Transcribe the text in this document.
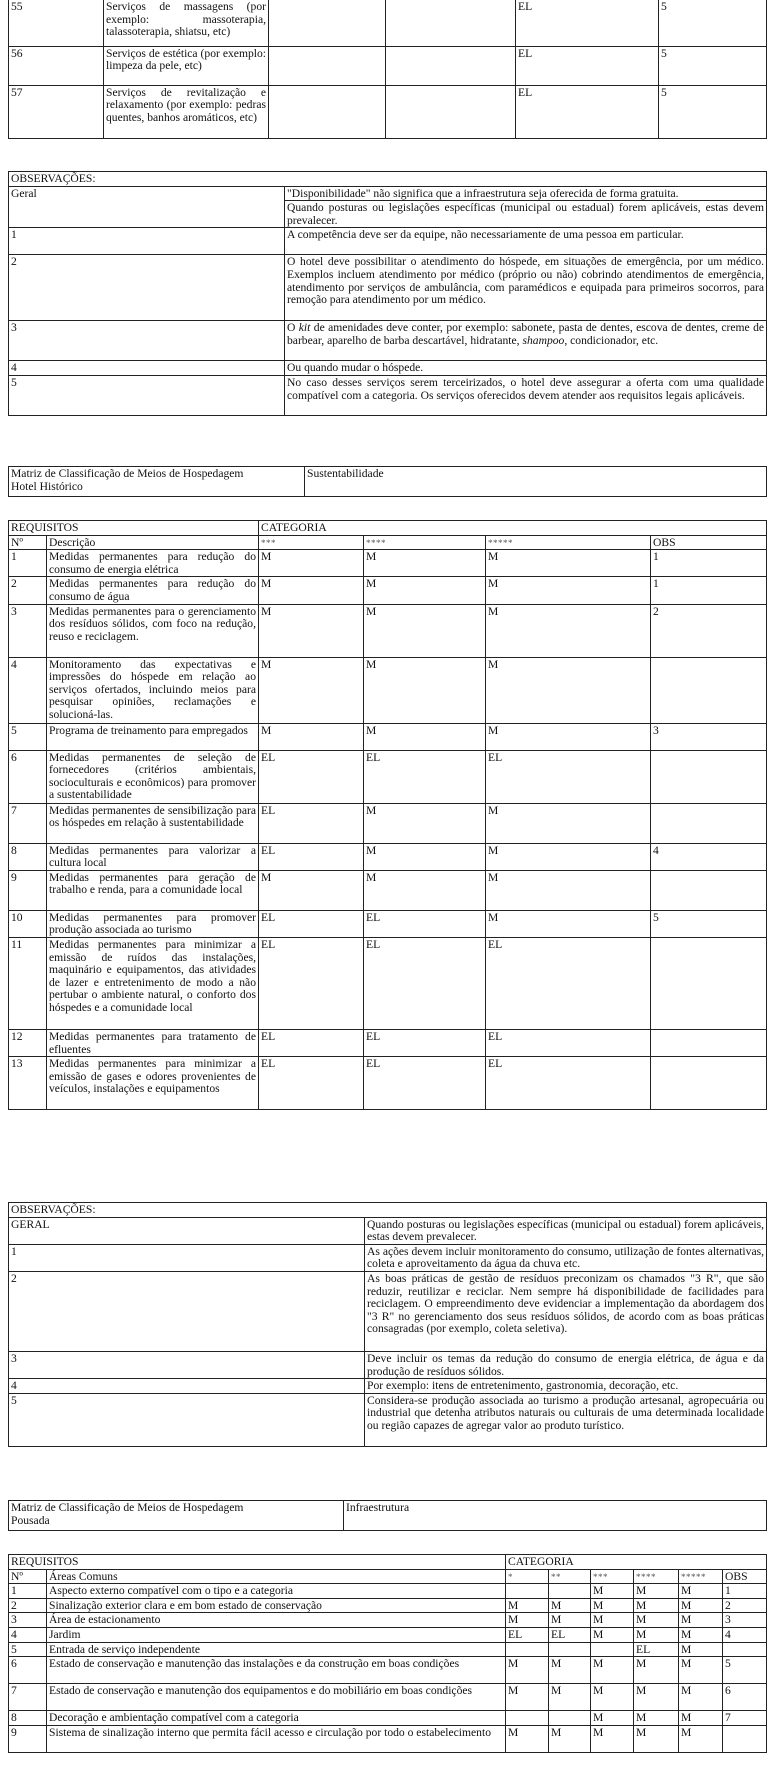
55	Serviços de massagens (por exemplo: massoterapia, talassoterapia, shiatsu, etc)			EL	5
56	Serviços de estética (por exemplo: limpeza da pele, etc)			EL	5
57	Serviços de revitalização e relaxamento (por exemplo: pedras quentes, banhos aromáticos, etc)			EL	5
OBSERVAÇÕES:	
Geral	"Disponibilidade" não significa que a infraestrutura seja oferecida de forma gratuita.
	Quando posturas ou legislações específicas (municipal ou estadual) forem aplicáveis, estas devem prevalecer.
1	A competência deve ser da equipe, não necessariamente de uma pessoa em particular.
2	O hotel deve possibilitar o atendimento do hóspede, em situações de emergência, por um médico. Exemplos incluem atendimento por médico (próprio ou não) cobrindo atendimentos de emergência, atendimento por serviços de ambulância, com paramédicos e equipada para primeiros socorros, para remoção para atendimento por um médico.
3	O kit de amenidades deve conter, por exemplo: sabonete, pasta de dentes, escova de dentes, creme de barbear, aparelho de barba descartável, hidratante, shampoo, condicionador, etc.
4	Ou quando mudar o hóspede.
5	No caso desses serviços serem terceirizados, o hotel deve assegurar a oferta com uma qualidade compatível com a categoria. Os serviços oferecidos devem atender aos requisitos legais aplicáveis.
Matriz de Classificação de Meios de Hospedagem
Hotel Histórico
	Sustentabilidade
REQUISITOS		CATEGORIA			
Nº	Descrição	***	****	*****	OBS
1	Medidas permanentes para redução do consumo de energia elétrica	M	M	M	1
2	Medidas permanentes para redução do consumo de água	M	M	M	1
3	Medidas permanentes para o gerenciamento dos resíduos sólidos, com foco na redução, reuso e reciclagem.	M	M	M	2
4	Monitoramento das expectativas e impressões do hóspede em relação ao serviços ofertados, incluindo meios para pesquisar opiniões, reclamações e solucioná-las.	M	M	M	
5	Programa de treinamento para empregados	M	M	M	3
6	Medidas permanentes de seleção de fornecedores (critérios ambientais, socioculturais e econômicos) para promover a sustentabilidade	EL	EL	EL	
7	Medidas permanentes de sensibilização para os hóspedes em relação à sustentabilidade	EL	M	M	
8	Medidas permanentes para valorizar a cultura local	EL	M	M	4
9	Medidas permanentes para geração de trabalho e renda, para a comunidade local	M	M	M	
10	Medidas permanentes para promover produção associada ao turismo	EL	EL	M	5
11	Medidas permanentes para minimizar a emissão de ruídos das instalações, maquinário e equipamentos, das atividades de lazer e entretenimento de modo a não pertubar o ambiente natural, o conforto dos hóspedes e a comunidade local	EL	EL	EL	
12	Medidas permanentes para tratamento de efluentes	EL	EL	EL	
13	Medidas permanentes para minimizar a emissão de gases e odores provenientes de veículos, instalações e equipamentos	EL	EL	EL	
OBSERVAÇÕES:	
GERAL	Quando posturas ou legislações específicas (municipal ou estadual) forem aplicáveis, estas devem prevalecer.
1	As ações devem incluir monitoramento do consumo, utilização de fontes alternativas, coleta e aproveitamento da água da chuva etc.
2	As boas práticas de gestão de resíduos preconizam os chamados "3 R", que são reduzir, reutilizar e reciclar. Nem sempre há disponibilidade de facilidades para reciclagem. O empreendimento deve evidenciar a implementação da abordagem dos "3 R" no gerenciamento dos seus resíduos sólidos, de acordo com as boas práticas consagradas (por exemplo, coleta seletiva).
3	Deve incluir os temas da redução do consumo de energia elétrica, de água e da produção de resíduos sólidos.
4	Por exemplo: itens de entretenimento, gastronomia, decoração, etc.
5	Considera-se produção associada ao turismo a produção artesanal, agropecuária ou industrial que detenha atributos naturais ou culturais de uma determinada localidade ou região capazes de agregar valor ao produto turístico.
Matriz de Classificação de Meios de Hospedagem
Pousada
	Infraestrutura
REQUISITOS		CATEGORIA					
Nº	Áreas Comuns	*	**	***	****	*****	OBS
1	Aspecto externo compatível com o tipo e a categoria			M	M	M	1
2	Sinalização exterior clara e em bom estado de conservação	M	M	M	M	M	2
3	Área de estacionamento	M	M	M	M	M	3
4	Jardim	EL	EL	M	M	M	4
5	Entrada de serviço independente				EL	M	
6	Estado de conservação e manutenção das instalações e da construção em boas condições	M	M	M	M	M	5
7	Estado de conservação e manutenção dos equipamentos e do mobiliário em boas condições	M	M	M	M	M	6
8	Decoração e ambientação compatível com a categoria			M	M	M	7
9	Sistema de sinalização interno que permita fácil acesso e circulação por todo o estabelecimento	M	M	M	M	M	
